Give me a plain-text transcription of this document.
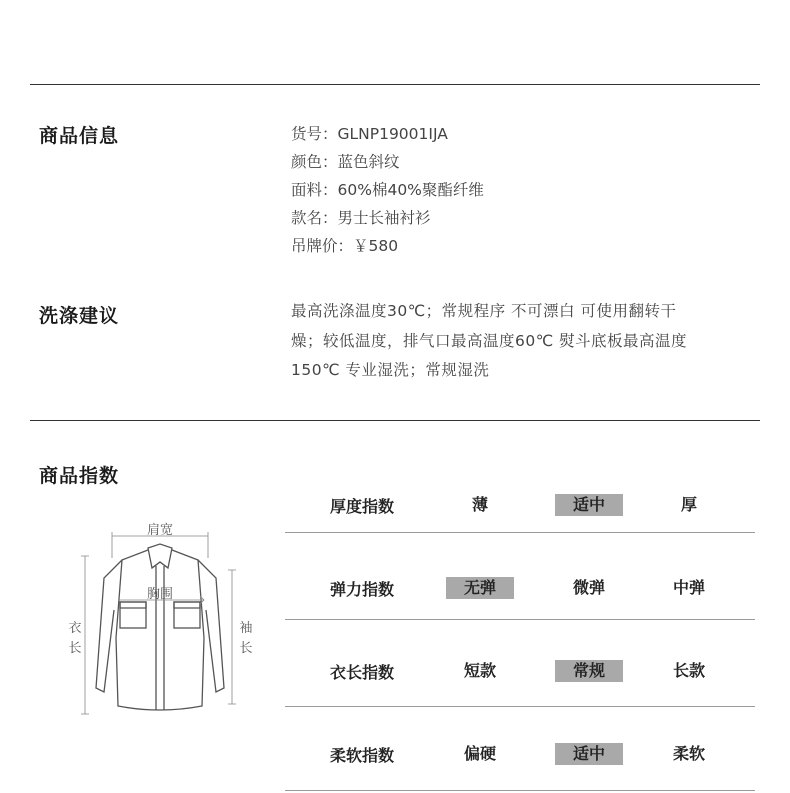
商品信息	货号：GLNP19001IJA
颜色：蓝色斜纹
面料：60%棉40%聚酯纤维
款名：男士长袖衬衫
吊牌价：￥580
洗涤建议	最高洗涤温度30℃；常规程序 不可漂白 可使用翻转干
燥；较低温度，排气口最高温度60℃ 熨斗底板最高温度
150℃ 专业湿洗；常规湿洗
商品指数
肩宽
胸围
衣
长
袖
长
厚度指数	薄	适中	厚
弹力指数	无弹	微弹	中弹
衣长指数	短款	常规	长款
柔软指数	偏硬	适中	柔软
